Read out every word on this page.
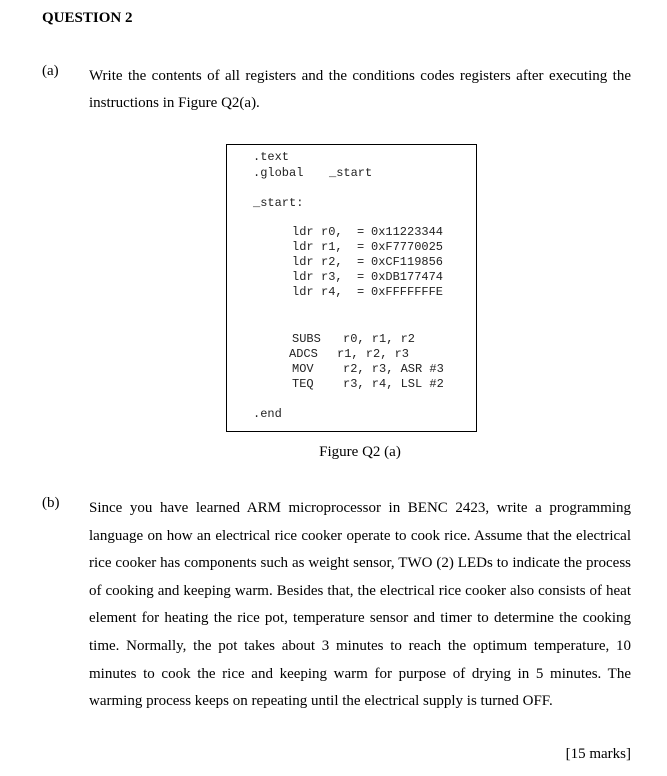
QUESTION 2
(a) Write the contents of all registers and the conditions codes registers after executing the instructions in Figure Q2(a).
.text
.global _start
_start:
ldr r0, = 0x11223344
ldr r1, = 0xF7770025
ldr r2, = 0xCF119856
ldr r3, = 0xDB177474
ldr r4, = 0xFFFFFFFE
SUBS r0, r1, r2
ADCS r1, r2, r3
MOV r2, r3, ASR #3
TEQ r3, r4, LSL #2
.end
Figure Q2 (a)
(b) Since you have learned ARM microprocessor in BENC 2423, write a programming language on how an electrical rice cooker operate to cook rice. Assume that the electrical rice cooker has components such as weight sensor, TWO (2) LEDs to indicate the process of cooking and keeping warm. Besides that, the electrical rice cooker also consists of heat element for heating the rice pot, temperature sensor and timer to determine the cooking time. Normally, the pot takes about 3 minutes to reach the optimum temperature, 10 minutes to cook the rice and keeping warm for purpose of drying in 5 minutes. The warming process keeps on repeating until the electrical supply is turned OFF.
[15 marks]
